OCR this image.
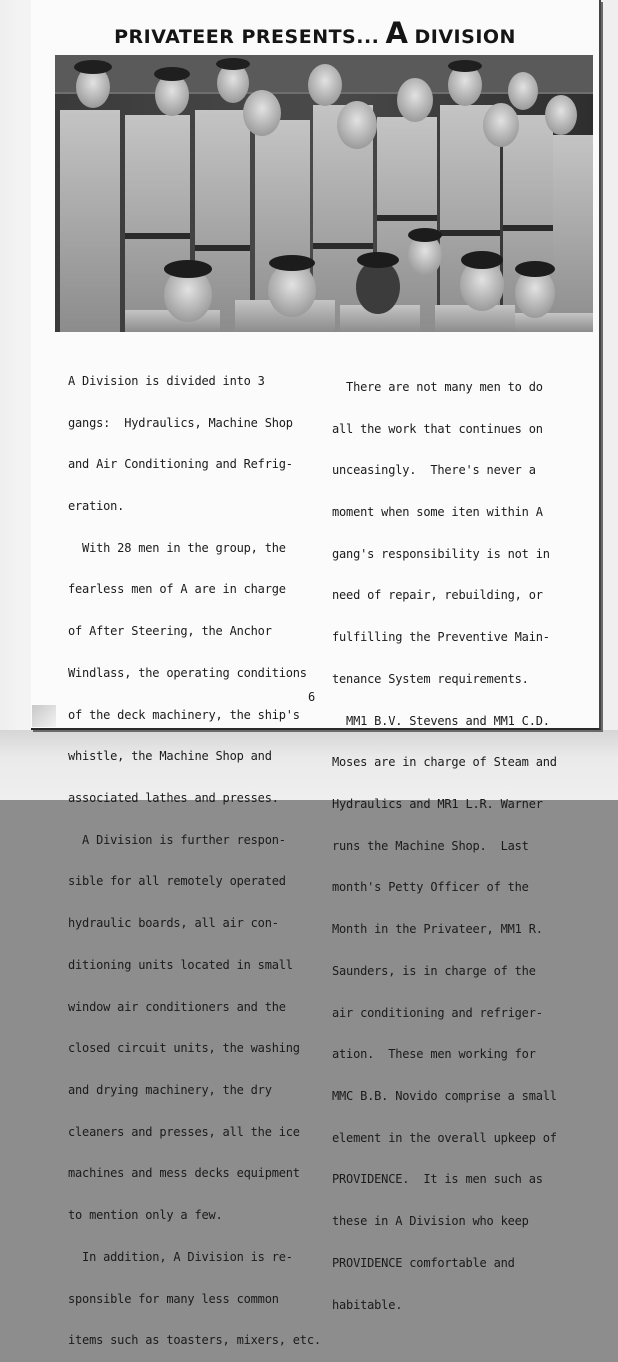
PRIVATEER PRESENTS... A DIVISION

A Division is divided into 3

gangs:  Hydraulics, Machine Shop

and Air Conditioning and Refrig-

eration.

With 28 men in the group, the

fearless men of A are in charge

of After Steering, the Anchor

Windlass, the operating conditions

of the deck machinery, the ship's

whistle, the Machine Shop and

associated lathes and presses.

A Division is further respon-

sible for all remotely operated

hydraulic boards, all air con-

ditioning units located in small

window air conditioners and the

closed circuit units, the washing

and drying machinery, the dry

cleaners and presses, all the ice

machines and mess decks equipment

to mention only a few.

In addition, A Division is re-

sponsible for many less common

items such as toasters, mixers, etc.

There are not many men to do

all the work that continues on

unceasingly.  There's never a

moment when some iten within A

gang's responsibility is not in

need of repair, rebuilding, or

fulfilling the Preventive Main-

tenance System requirements.

MM1 B.V. Stevens and MM1 C.D.

Moses are in charge of Steam and

Hydraulics and MR1 L.R. Warner

runs the Machine Shop.  Last

month's Petty Officer of the

Month in the Privateer, MM1 R.

Saunders, is in charge of the

air conditioning and refriger-

ation.  These men working for

MMC B.B. Novido comprise a small

element in the overall upkeep of

PROVIDENCE.  It is men such as

these in A Division who keep

PROVIDENCE comfortable and

habitable.

6
